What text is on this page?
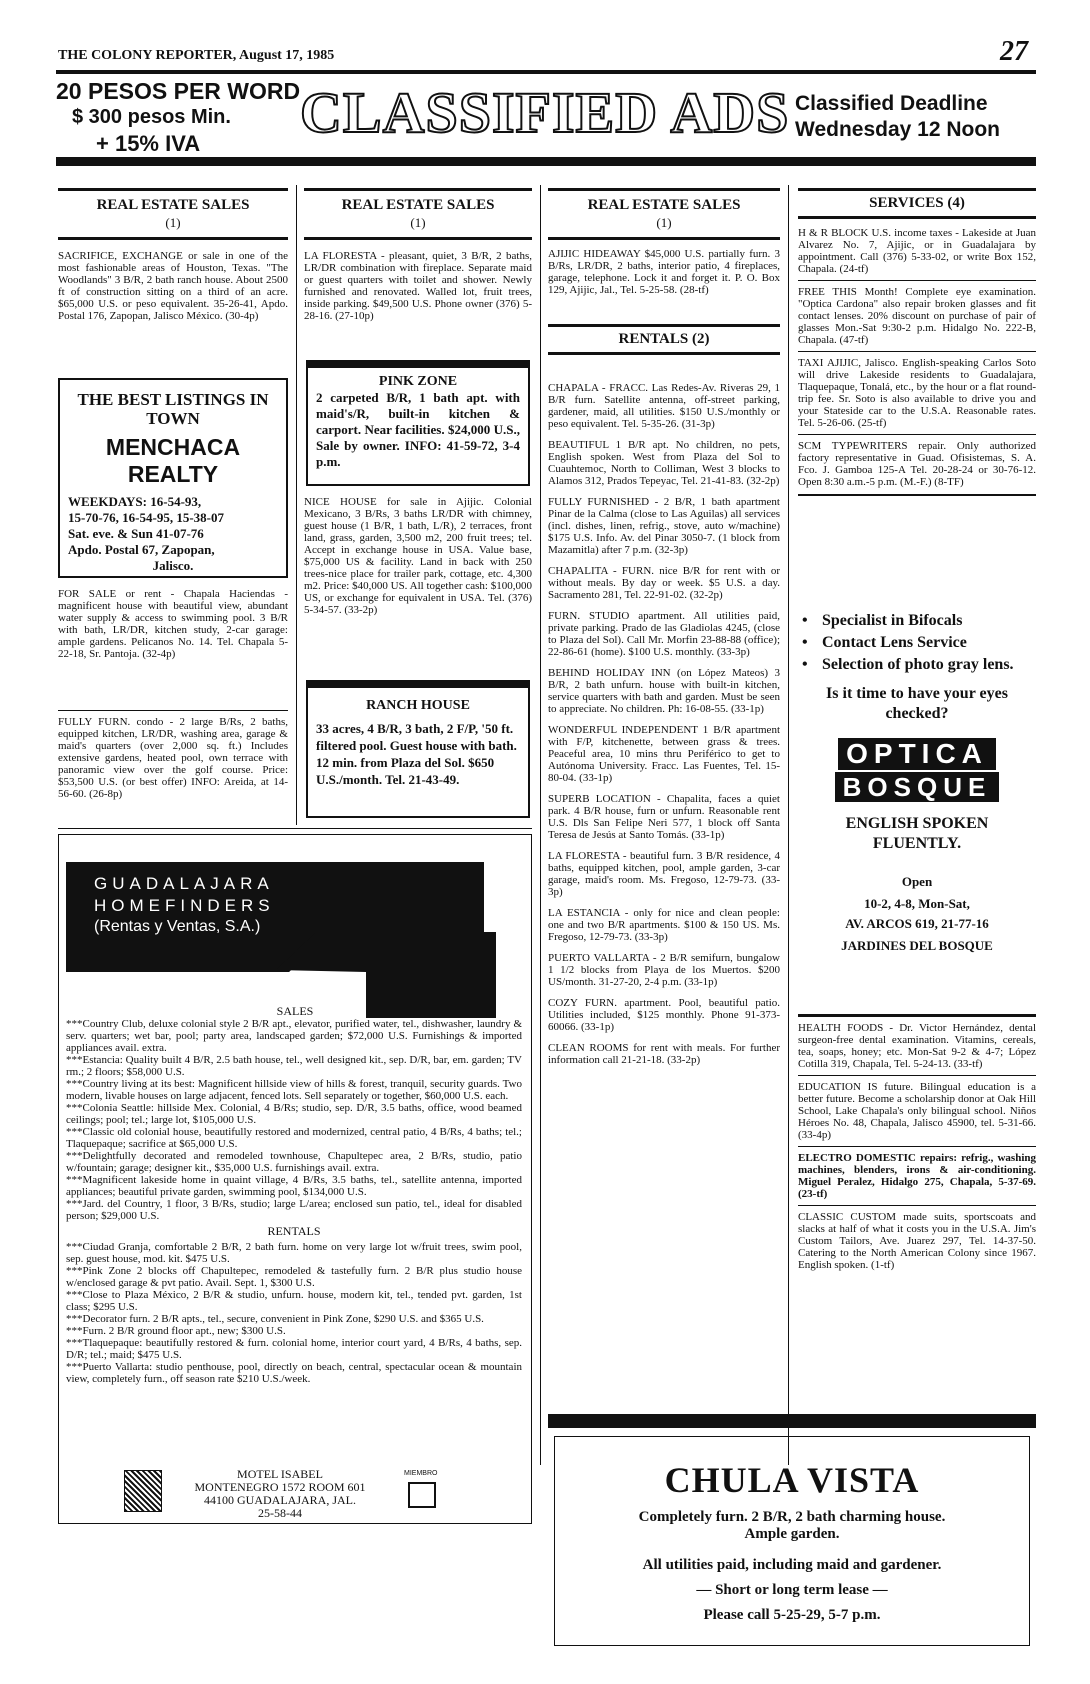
THE COLONY REPORTER, August 17, 1985	27
20 PESOS PER WORD
$ 300 pesos Min.
+ 15% IVA CLASSIFIED ADS Classified Deadline
Wednesday 12 Noon
REAL ESTATE SALES
(1)

SACRIFICE, EXCHANGE or sale in one of the most fashionable areas of Houston, Texas. "The Woodlands" 3 B/R, 2 bath ranch house. About 2500 ft of construction sitting on a third of an acre. $65,000 U.S. or peso equivalent. 35-26-41, Apdo. Postal 176, Zapopan, Jalisco México. (30-4p)

THE BEST LISTINGS IN TOWN
MENCHACA
REALTY
WEEKDAYS: 16-54-93,
15-70-76, 16-54-95, 15-38-07
Sat. eve. & Sun 41-07-76
Apdo. Postal 67, Zapopan,
Jalisco.

FOR SALE or rent - Chapala Haciendas - magnificent house with beautiful view, abundant water supply & access to swimming pool. 3 B/R with bath, LR/DR, kitchen study, 2-car garage: ample gardens. Pelicanos No. 14. Tel. Chapala 5-22-18, Sr. Pantoja. (32-4p)

FULLY FURN. condo - 2 large B/Rs, 2 baths, equipped kitchen, LR/DR, washing area, garage & maid's quarters (over 2,000 sq. ft.) Includes extensive gardens, heated pool, own terrace with panoramic view over the golf course. Price: $53,500 U.S. (or best offer) INFO: Areida, at 14-56-60. (26-8p)

REAL ESTATE SALES
(1)

LA FLORESTA - pleasant, quiet, 3 B/R, 2 baths, LR/DR combination with fireplace. Separate maid or guest quarters with toilet and shower. Newly furnished and renovated. Walled lot, fruit trees, inside parking. $49,500 U.S. Phone owner (376) 5-28-16. (27-10p)

PINK ZONE
2 carpeted B/R, 1 bath apt. with maid's/R, built-in kitchen & carport. Near facilities. $24,000 U.S., Sale by owner. INFO: 41-59-72, 3-4 p.m.

NICE HOUSE for sale in Ajijic. Colonial Mexicano, 3 B/Rs, 3 baths LR/DR with chimney, guest house (1 B/R, 1 bath, L/R), 2 terraces, front land, grass, garden, 3,500 m2, 200 fruit trees; tel. Accept in exchange house in USA. Value base, $75,000 US & facility. Land in back with 250 trees-nice place for trailer park, cottage, etc. 4,300 m2. Price: $40,000 US. All together cash: $100,000 US, or exchange for equivalent in USA. Tel. (376) 5-34-57. (33-2p)

RANCH HOUSE
33 acres, 4 B/R, 3 bath, 2 F/P, '50 ft. filtered pool. Guest house with bath. 12 min. from Plaza del Sol. $650 U.S./month. Tel. 21-43-49.
GUADALAJARA
HOMEFINDERS
(Rentas y Ventas, S.A.)
SALES

***Country Club, deluxe colonial style 2 B/R apt., elevator, purified water, tel., dishwasher, laundry & serv. quarters; wet bar, pool; party area, landscaped garden; $72,000 U.S. Furnishings & imported appliances avail. extra.

***Estancia: Quality built 4 B/R, 2.5 bath house, tel., well designed kit., sep. D/R, bar, em. garden; TV rm.; 2 floors; $58,000 U.S.

***Country living at its best: Magnificent hillside view of hills & forest, tranquil, security guards. Two modern, livable houses on large adjacent, fenced lots. Sell separately or together, $60,000 U.S. each.

***Colonia Seattle: hillside Mex. Colonial, 4 B/Rs; studio, sep. D/R, 3.5 baths, office, wood beamed ceilings; pool; tel.; large lot, $105,000 U.S.

***Classic old colonial house, beautifully restored and modernized, central patio, 4 B/Rs, 4 baths; tel.; Tlaquepaque; sacrifice at $65,000 U.S.

***Delightfully decorated and remodeled townhouse, Chapultepec area, 2 B/Rs, studio, patio w/fountain; garage; designer kit., $35,000 U.S. furnishings avail. extra.

***Magnificent lakeside home in quaint village, 4 B/Rs, 3.5 baths, tel., satellite antenna, imported appliances; beautiful private garden, swimming pool, $134,000 U.S.

***Jard. del Country, 1 floor, 3 B/Rs, studio; large L/area; enclosed sun patio, tel., ideal for disabled person; $29,000 U.S.

RENTALS

***Ciudad Granja, comfortable 2 B/R, 2 bath furn. home on very large lot w/fruit trees, swim pool, sep. guest house, mod. kit. $475 U.S.

***Pink Zone 2 blocks off Chapultepec, remodeled & tastefully furn. 2 B/R plus studio house w/enclosed garage & pvt patio. Avail. Sept. 1, $300 U.S.

***Close to Plaza México, 2 B/R & studio, unfurn. house, modern kit, tel., tended pvt. garden, 1st class; $295 U.S.

***Decorator furn. 2 B/R apts., tel., secure, convenient in Pink Zone, $290 U.S. and $365 U.S.

***Furn. 2 B/R ground floor apt., new; $300 U.S.

***Tlaquepaque: beautifully restored & furn. colonial home, interior court yard, 4 B/Rs, 4 baths, sep. D/R; tel.; maid; $475 U.S.

***Puerto Vallarta: studio penthouse, pool, directly on beach, central, spectacular ocean & mountain view, completely furn., off season rate $210 U.S./week.

MOTEL ISABEL
MONTENEGRO 1572 ROOM 601
44100 GUADALAJARA, JAL.
25-58-44
MIEMBRO
REAL ESTATE SALES
(1)

AJIJIC HIDEAWAY $45,000 U.S. partially furn. 3 B/Rs, LR/DR, 2 baths, interior patio, 4 fireplaces, garage, telephone. Lock it and forget it. P. O. Box 129, Ajijic, Jal., Tel. 5-25-58. (28-tf)

RENTALS (2)

CHAPALA - FRACC. Las Redes-Av. Riveras 29, 1 B/R furn. Satellite antenna, off-street parking, gardener, maid, all utilities. $150 U.S./monthly or peso equivalent. Tel. 5-35-26. (31-3p)

BEAUTIFUL 1 B/R apt. No children, no pets, English spoken. West from Plaza del Sol to Cuauhtemoc, North to Colliman, West 3 blocks to Alamos 312, Prados Tepeyac, Tel. 21-41-83. (32-2p)

FULLY FURNISHED - 2 B/R, 1 bath apartment Pinar de la Calma (close to Las Aguilas) all services (incl. dishes, linen, refrig., stove, auto w/machine) $175 U.S. Info. Av. del Pinar 3050-7. (1 block from Mazamitla) after 7 p.m. (32-3p)

CHAPALITA - FURN. nice B/R for rent with or without meals. By day or week. $5 U.S. a day. Sacramento 281, Tel. 22-91-02. (32-2p)

FURN. STUDIO apartment. All utilities paid, private parking. Prado de las Gladiolas 4245, (close to Plaza del Sol). Call Mr. Morfin 23-88-88 (office); 22-86-61 (home). $100 U.S. monthly. (33-3p)

BEHIND HOLIDAY INN (on López Mateos) 3 B/R, 2 bath unfurn. house with built-in kitchen, service quarters with bath and garden. Must be seen to appreciate. No children. Ph: 16-08-55. (33-1p)

WONDERFUL INDEPENDENT 1 B/R apartment with F/P, kitchenette, between grass & trees. Peaceful area, 10 mins thru Periférico to get to Autónoma University. Fracc. Las Fuentes, Tel. 15-80-04. (33-1p)

SUPERB LOCATION - Chapalita, faces a quiet park. 4 B/R house, furn or unfurn. Reasonable rent U.S. Dls San Felipe Neri 577, 1 block off Santa Teresa de Jesús at Santo Tomás. (33-1p)

LA FLORESTA - beautiful furn. 3 B/R residence, 4 baths, equipped kitchen, pool, ample garden, 3-car garage, maid's room. Ms. Fregoso, 12-79-73. (33-3p)

LA ESTANCIA - only for nice and clean people: one and two B/R apartments. $100 & 150 US. Ms. Fregoso, 12-79-73. (33-3p)

PUERTO VALLARTA - 2 B/R semifurn, bungalow 1 1/2 blocks from Playa de los Muertos. $200 US/month. 31-27-20, 2-4 p.m. (33-1p)

COZY FURN. apartment. Pool, beautiful patio. Utilities included, $125 monthly. Phone 91-373-60066. (33-1p)

CLEAN ROOMS for rent with meals. For further information call 21-21-18. (33-2p)

SERVICES (4)

H & R BLOCK U.S. income taxes - Lakeside at Juan Alvarez No. 7, Ajijic, or in Guadalajara by appointment. Call (376) 5-33-02, or write Box 152, Chapala. (24-tf)

FREE THIS Month! Complete eye examination. "Optica Cardona" also repair broken glasses and fit contact lenses. 20% discount on purchase of pair of glasses Mon.-Sat 9:30-2 p.m. Hidalgo No. 222-B, Chapala. (47-tf)

TAXI AJIJIC, Jalisco. English-speaking Carlos Soto will drive Lakeside residents to Guadalajara, Tlaquepaque, Tonalá, etc., by the hour or a flat round-trip fee. Sr. Soto is also available to drive you and your Stateside car to the U.S.A. Reasonable rates. Tel. 5-26-06. (25-tf)

SCM TYPEWRITERS repair. Only authorized factory representative in Guad. Ofisistemas, S. A. Fco. J. Gamboa 125-A Tel. 20-28-24 or 30-76-12. Open 8:30 a.m.-5 p.m. (M.-F.) (8-TF)

• Specialist in Bifocals
• Contact Lens Service
• Selection of photo gray lens.
Is it time to have your eyes checked?
OPTICA
BOSQUE
ENGLISH SPOKEN FLUENTLY.
Open
10-2, 4-8, Mon-Sat,
AV. ARCOS 619, 21-77-16
JARDINES DEL BOSQUE

HEALTH FOODS - Dr. Victor Hernández, dental surgeon-free dental examination. Vitamins, cereals, tea, soaps, honey; etc. Mon-Sat 9-2 & 4-7; López Cotilla 319, Chapala, Tel. 5-24-13. (33-tf)

EDUCATION IS future. Bilingual education is a better future. Become a scholarship donor at Oak Hill School, Lake Chapala's only bilingual school. Niños Héroes No. 48, Chapala, Jalisco 45900, tel. 5-31-66. (33-4p)

ELECTRO DOMESTIC repairs: refrig., washing machines, blenders, irons & air-conditioning. Miguel Peralez, Hidalgo 275, Chapala, 5-37-69. (23-tf)

CLASSIC CUSTOM made suits, sportscoats and slacks at half of what it costs you in the U.S.A. Jim's Custom Tailors, Ave. Juarez 297, Tel. 14-37-50. Catering to the North American Colony since 1967. English spoken. (1-tf)

CHULA VISTA
Completely furn. 2 B/R, 2 bath charming house.
Ample garden.
All utilities paid, including maid and gardener.
— Short or long term lease —
Please call 5-25-29, 5-7 p.m.
